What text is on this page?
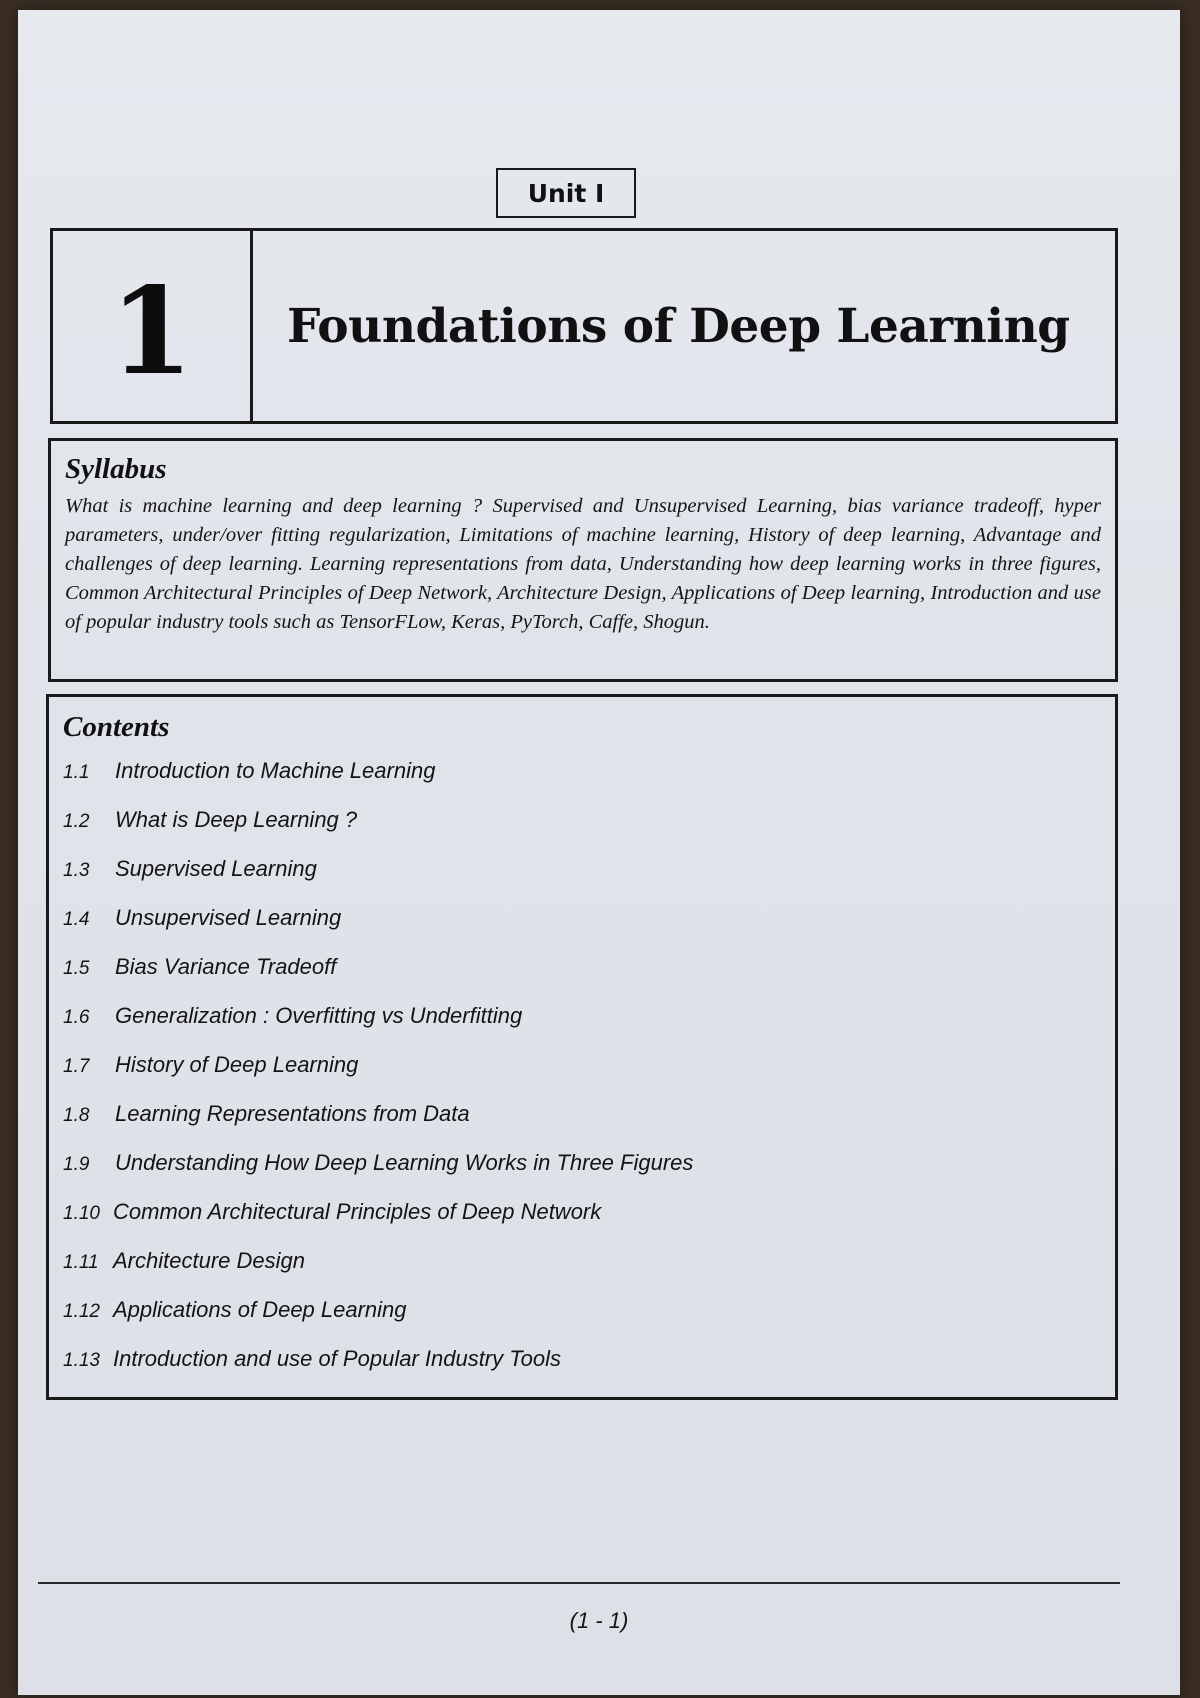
Unit I
1	Foundations of Deep Learning
Syllabus

What is machine learning and deep learning ? Supervised and Unsupervised Learning, bias variance tradeoff, hyper parameters, under/over fitting regularization, Limitations of machine learning, History of deep learning, Advantage and challenges of deep learning. Learning representations from data, Understanding how deep learning works in three figures, Common Architectural Principles of Deep Network, Architecture Design, Applications of Deep learning, Introduction and use of popular industry tools such as TensorFLow, Keras, PyTorch, Caffe, Shogun.

Contents
1.1	Introduction to Machine Learning
1.2	What is Deep Learning ?
1.3	Supervised Learning
1.4	Unsupervised Learning
1.5	Bias Variance Tradeoff
1.6	Generalization : Overfitting vs Underfitting
1.7	History of Deep Learning
1.8	Learning Representations from Data
1.9	Understanding How Deep Learning Works in Three Figures
1.10 Common Architectural Principles of Deep Network
1.11 Architecture Design
1.12 Applications of Deep Learning
1.13 Introduction and use of Popular Industry Tools
(1 - 1)
